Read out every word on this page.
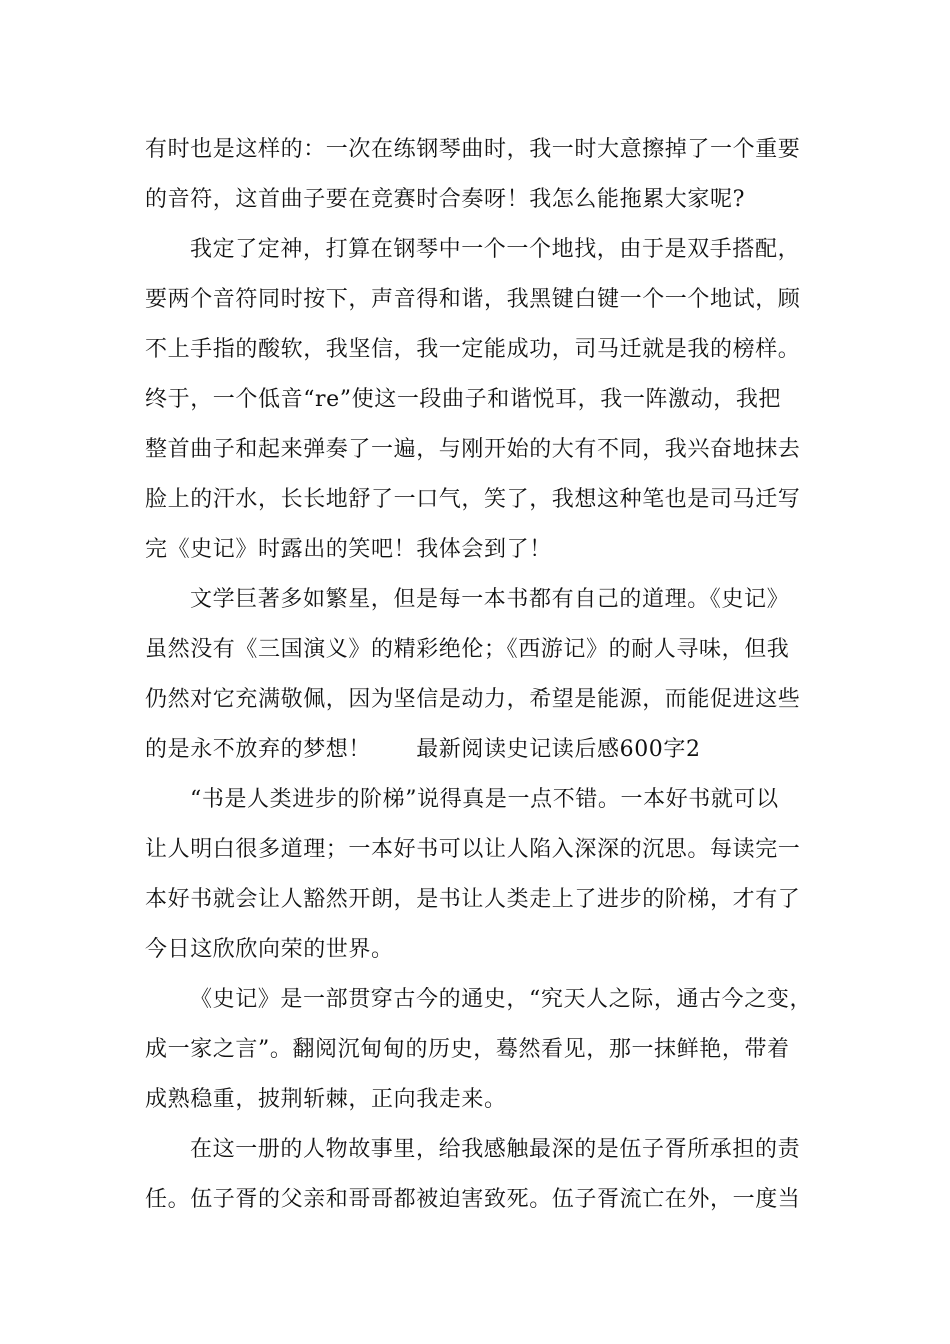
有时也是这样的：一次在练钢琴曲时，我一时大意擦掉了一个重要

的音符，这首曲子要在竞赛时合奏呀！我怎么能拖累大家呢?

我定了定神，打算在钢琴中一个一个地找，由于是双手搭配，

要两个音符同时按下，声音得和谐，我黑键白键一个一个地试，顾

不上手指的酸软，我坚信，我一定能成功，司马迁就是我的榜样。

终于，一个低音“re”使这一段曲子和谐悦耳，我一阵激动，我把

整首曲子和起来弹奏了一遍，与刚开始的大有不同，我兴奋地抹去

脸上的汗水，长长地舒了一口气，笑了，我想这种笔也是司马迁写

完《史记》时露出的笑吧！我体会到了！

文学巨著多如繁星，但是每一本书都有自己的道理。《史记》

虽然没有《三国演义》的精彩绝伦；《西游记》的耐人寻味，但我

仍然对它充满敬佩，因为坚信是动力，希望是能源，而能促进这些

的是永不放弃的梦想！　　最新阅读史记读后感600字2

“书是人类进步的阶梯”说得真是一点不错。一本好书就可以

让人明白很多道理；一本好书可以让人陷入深深的沉思。每读完一

本好书就会让人豁然开朗，是书让人类走上了进步的阶梯，才有了

今日这欣欣向荣的世界。

《史记》是一部贯穿古今的通史，“究天人之际，通古今之变，

成一家之言”。翻阅沉甸甸的历史，蓦然看见，那一抹鲜艳，带着

成熟稳重，披荆斩棘，正向我走来。

在这一册的人物故事里，给我感触最深的是伍子胥所承担的责

任。伍子胥的父亲和哥哥都被迫害致死。伍子胥流亡在外，一度当
